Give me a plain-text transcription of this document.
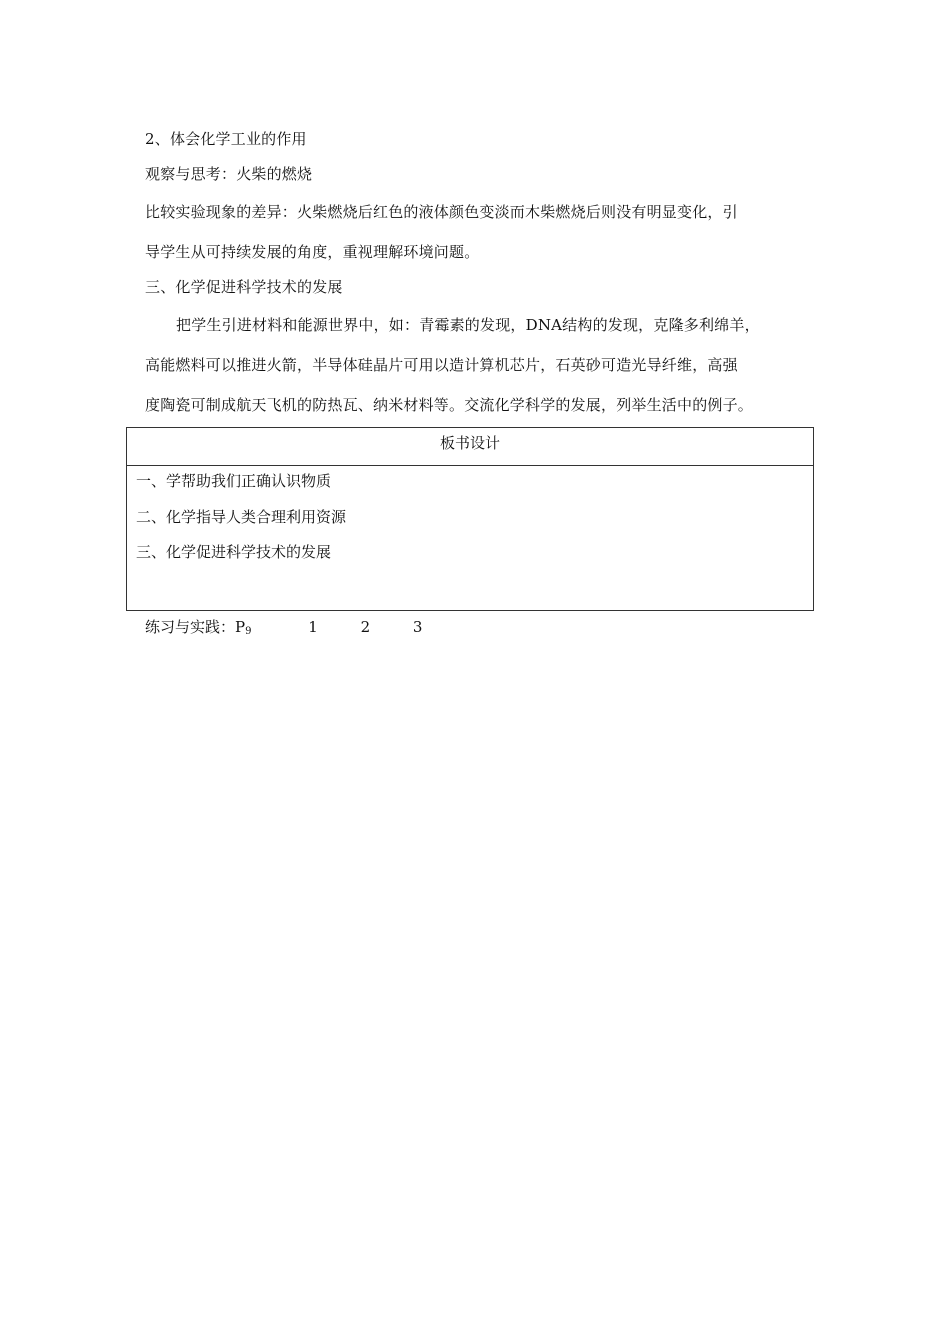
2、体会化学工业的作用
观察与思考：火柴的燃烧
比较实验现象的差异：火柴燃烧后红色的液体颜色变淡而木柴燃烧后则没有明显变化，引
导学生从可持续发展的角度，重视理解环境问题。
三、化学促进科学技术的发展
把学生引进材料和能源世界中，如：青霉素的发现，DNA结构的发现，克隆多利绵羊，
高能燃料可以推进火箭，半导体硅晶片可用以造计算机芯片，石英砂可造光导纤维，高强
度陶瓷可制成航天飞机的防热瓦、纳米材料等。交流化学科学的发展，列举生活中的例子。
板书设计
一、学帮助我们正确认识物质
二、化学指导人类合理利用资源
三、化学促进科学技术的发展
练习与实践：P9	1	2	3
